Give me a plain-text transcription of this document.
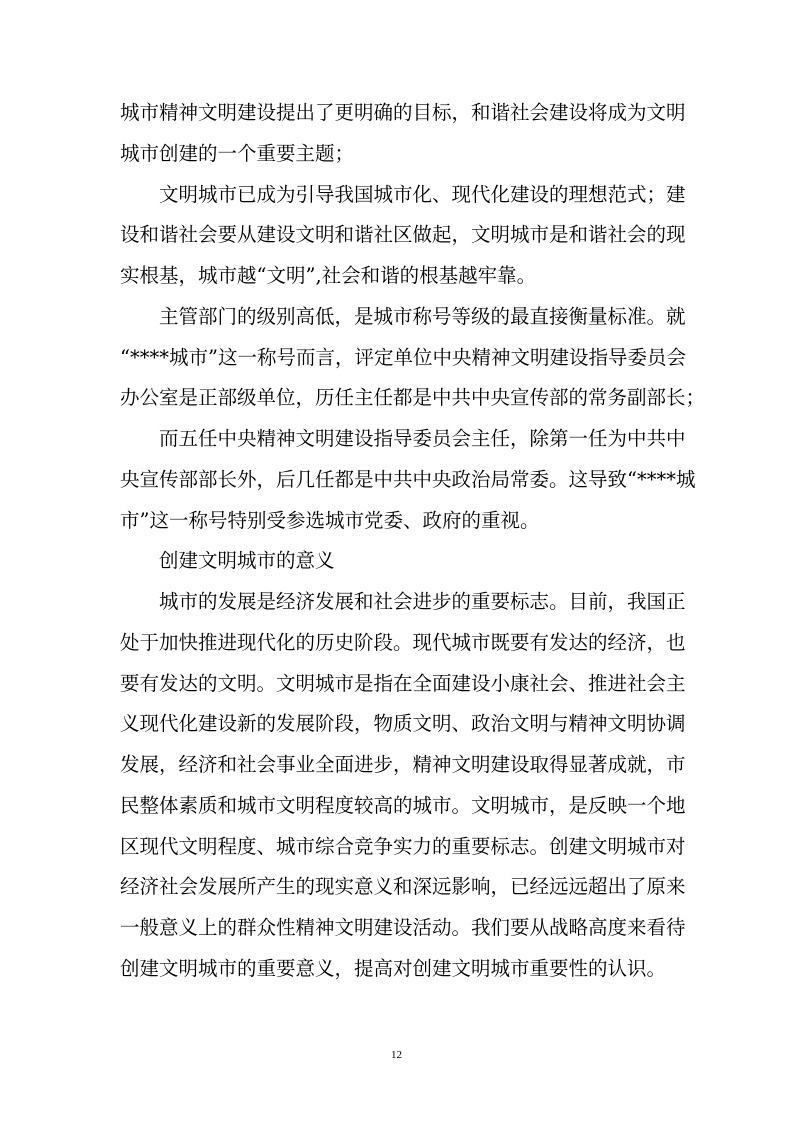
城市精神文明建设提出了更明确的目标，和谐社会建设将成为文明
城市创建的一个重要主题；
文明城市已成为引导我国城市化、现代化建设的理想范式；建
设和谐社会要从建设文明和谐社区做起，文明城市是和谐社会的现
实根基，城市越“文明”,社会和谐的根基越牢靠。
主管部门的级别高低，是城市称号等级的最直接衡量标准。就
“****城市”这一称号而言，评定单位中央精神文明建设指导委员会
办公室是正部级单位，历任主任都是中共中央宣传部的常务副部长；
而五任中央精神文明建设指导委员会主任，除第一任为中共中
央宣传部部长外，后几任都是中共中央政治局常委。这导致“****城
市”这一称号特别受参选城市党委、政府的重视。
创建文明城市的意义
城市的发展是经济发展和社会进步的重要标志。目前，我国正
处于加快推进现代化的历史阶段。现代城市既要有发达的经济，也
要有发达的文明。文明城市是指在全面建设小康社会、推进社会主
义现代化建设新的发展阶段，物质文明、政治文明与精神文明协调
发展，经济和社会事业全面进步，精神文明建设取得显著成就，市
民整体素质和城市文明程度较高的城市。文明城市，是反映一个地
区现代文明程度、城市综合竞争实力的重要标志。创建文明城市对
经济社会发展所产生的现实意义和深远影响，已经远远超出了原来
一般意义上的群众性精神文明建设活动。我们要从战略高度来看待
创建文明城市的重要意义，提高对创建文明城市重要性的认识。
12
